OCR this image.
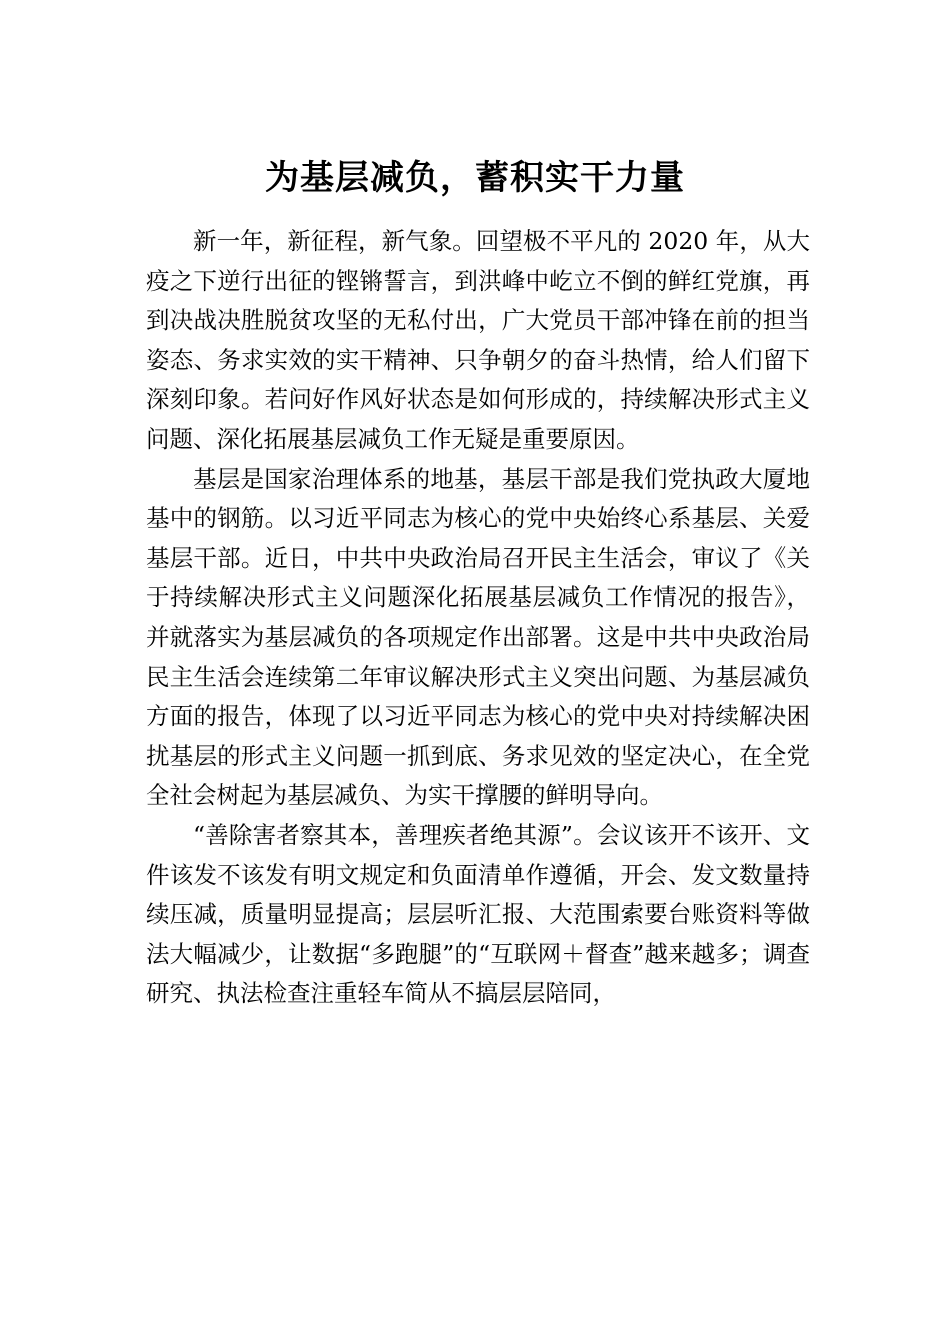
为基层减负，蓄积实干力量

新一年，新征程，新气象。回望极不平凡的 2020 年，从大疫之下逆行出征的铿锵誓言，到洪峰中屹立不倒的鲜红党旗，再到决战决胜脱贫攻坚的无私付出，广大党员干部冲锋在前的担当姿态、务求实效的实干精神、只争朝夕的奋斗热情，给人们留下深刻印象。若问好作风好状态是如何形成的，持续解决形式主义问题、深化拓展基层减负工作无疑是重要原因。

基层是国家治理体系的地基，基层干部是我们党执政大厦地基中的钢筋。以习近平同志为核心的党中央始终心系基层、关爱基层干部。近日，中共中央政治局召开民主生活会，审议了《关于持续解决形式主义问题深化拓展基层减负工作情况的报告》，并就落实为基层减负的各项规定作出部署。这是中共中央政治局民主生活会连续第二年审议解决形式主义突出问题、为基层减负方面的报告，体现了以习近平同志为核心的党中央对持续解决困扰基层的形式主义问题一抓到底、务求见效的坚定决心，在全党全社会树起为基层减负、为实干撑腰的鲜明导向。

“善除害者察其本，善理疾者绝其源”。会议该开不该开、文件该发不该发有明文规定和负面清单作遵循，开会、发文数量持续压减，质量明显提高；层层听汇报、大范围索要台账资料等做法大幅减少，让数据“多跑腿”的“互联网＋督查”越来越多；调查研究、执法检查注重轻车简从不搞层层陪同，
